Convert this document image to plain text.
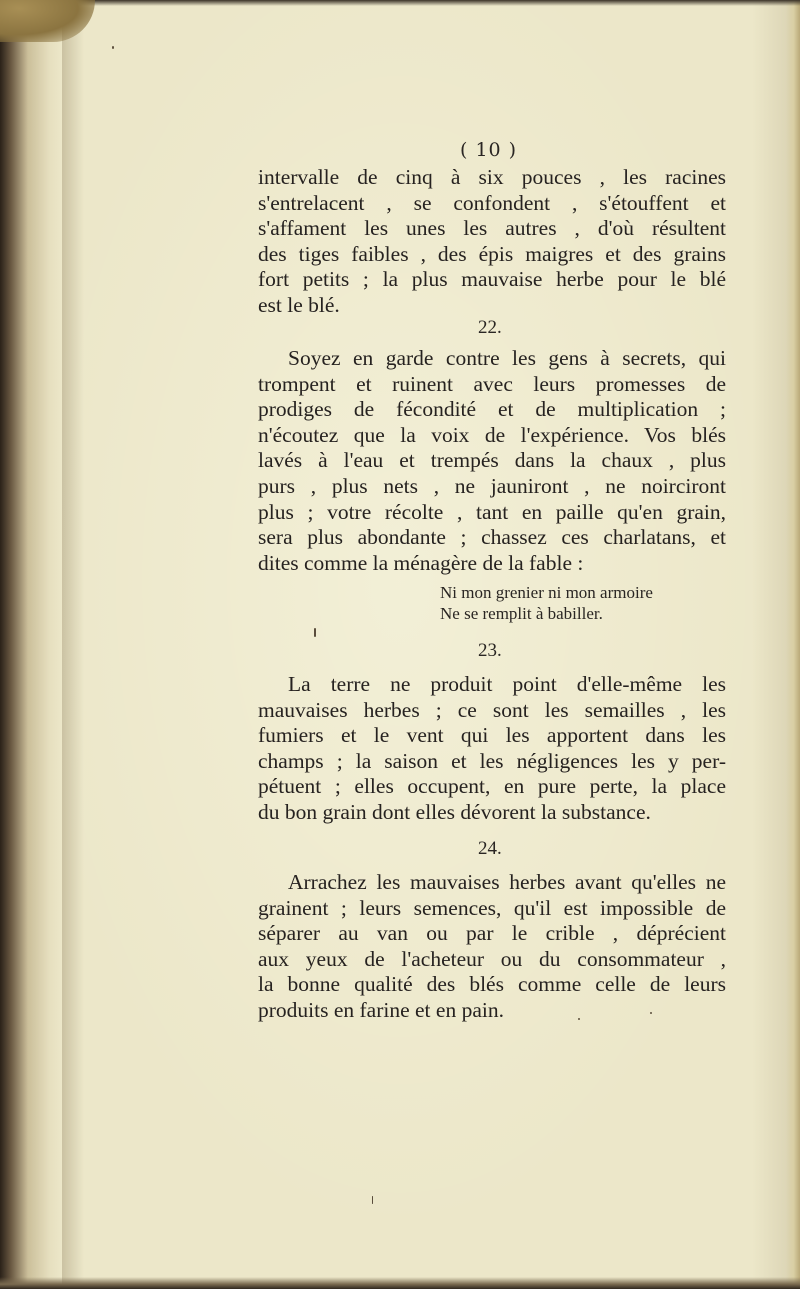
( 10 )
intervalle de cinq à six pouces , les racines
s'entrelacent , se confondent , s'étouffent et
s'affament les unes les autres , d'où résultent
des tiges faibles , des épis maigres et des grains
fort petits ; la plus mauvaise herbe pour le blé
est le blé.
22.
Soyez en garde contre les gens à secrets, qui
trompent et ruinent avec leurs promesses de
prodiges de fécondité et de multiplication ;
n'écoutez que la voix de l'expérience. Vos blés
lavés à l'eau et trempés dans la chaux , plus
purs , plus nets , ne jauniront , ne noirciront
plus ; votre récolte , tant en paille qu'en grain,
sera plus abondante ; chassez ces charlatans, et
dites comme la ménagère de la fable :
Ni mon grenier ni mon armoire
Ne se remplit à babiller.
23.
La terre ne produit point d'elle-même les
mauvaises herbes ; ce sont les semailles , les
fumiers et le vent qui les apportent dans les
champs ; la saison et les négligences les y per-
pétuent ; elles occupent, en pure perte, la place
du bon grain dont elles dévorent la substance.
24.
Arrachez les mauvaises herbes avant qu'elles ne
grainent ; leurs semences, qu'il est impossible de
séparer au van ou par le crible , déprécient
aux yeux de l'acheteur ou du consommateur ,
la bonne qualité des blés comme celle de leurs
produits en farine et en pain.
